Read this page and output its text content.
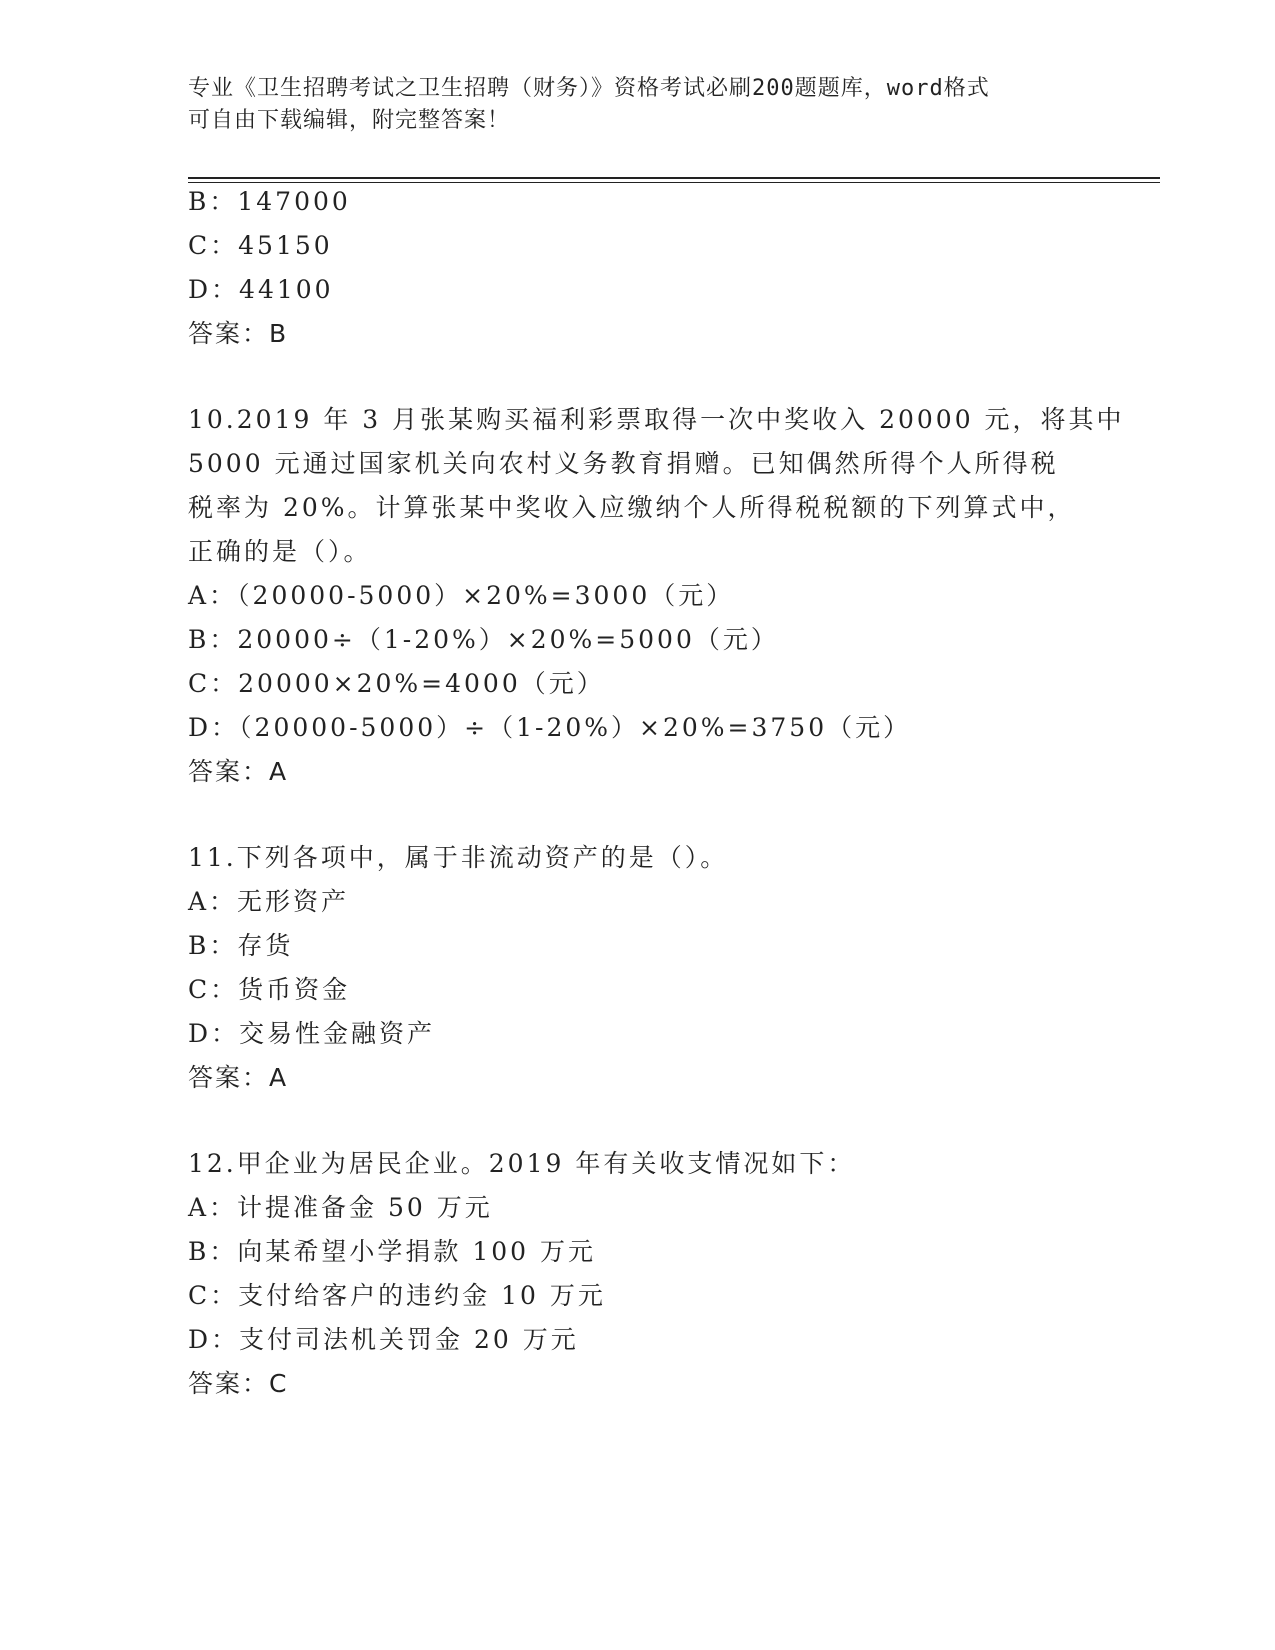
专业《卫生招聘考试之卫生招聘（财务）》资格考试必刷200题题库，word格式
可自由下载编辑，附完整答案！
B：147000
C：45150
D：44100
答案：B
10.2019 年 3 月张某购买福利彩票取得一次中奖收入 20000 元，将其中
5000 元通过国家机关向农村义务教育捐赠。已知偶然所得个人所得税
税率为 20%。计算张某中奖收入应缴纳个人所得税税额的下列算式中，
正确的是（）。
A：（20000-5000）×20%=3000（元）
B：20000÷（1-20%）×20%=5000（元）
C：20000×20%=4000（元）
D：（20000-5000）÷（1-20%）×20%=3750（元）
答案：A
11.下列各项中，属于非流动资产的是（）。
A：无形资产
B：存货
C：货币资金
D：交易性金融资产
答案：A
12.甲企业为居民企业。2019 年有关收支情况如下：
A：计提准备金 50 万元
B：向某希望小学捐款 100 万元
C：支付给客户的违约金 10 万元
D：支付司法机关罚金 20 万元
答案：C
